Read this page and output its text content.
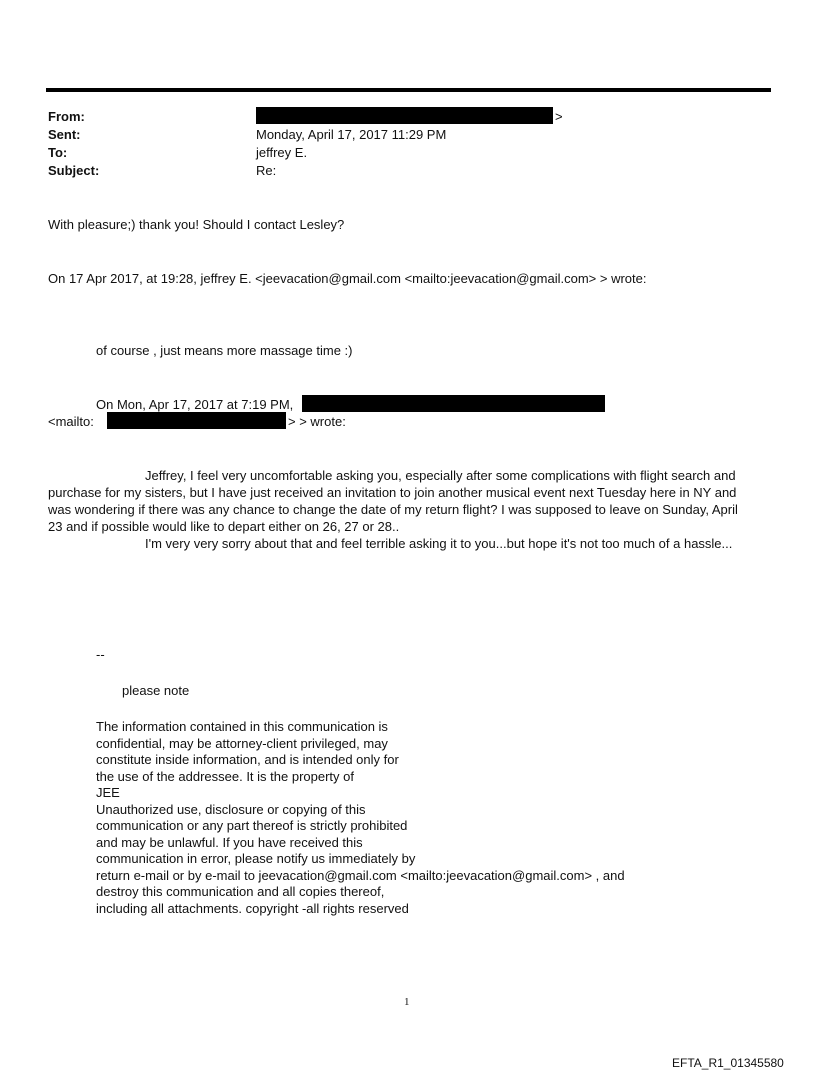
From:	>
Sent:	Monday, April 17, 2017 11:29 PM
To:	jeffrey E.
Subject:	Re:
With pleasure;) thank you! Should I contact Lesley?
On 17 Apr 2017, at 19:28, jeffrey E. <jeevacation@gmail.com <mailto:jeevacation@gmail.com> > wrote:
of course , just means more massage time :)
On Mon, Apr 17, 2017 at 7:19 PM,
<mailto:	> > wrote:
Jeffrey, I feel very uncomfortable asking you, especially after some complications with flight search and
purchase for my sisters, but I have just received an invitation to join another musical event next Tuesday here in NY and
was wondering if there was any chance to change the date of my return flight? I was supposed to leave on Sunday, April
23 and if possible would like to depart either on 26, 27 or 28..
I'm very very sorry about that and feel terrible asking it to you...but hope it's not too much of a hassle...
--
please note
The information contained in this communication is
confidential, may be attorney-client privileged, may
constitute inside information, and is intended only for
the use of the addressee. It is the property of
JEE
Unauthorized use, disclosure or copying of this
communication or any part thereof is strictly prohibited
and may be unlawful. If you have received this
communication in error, please notify us immediately by
return e-mail or by e-mail to jeevacation@gmail.com <mailto:jeevacation@gmail.com> , and
destroy this communication and all copies thereof,
including all attachments. copyright -all rights reserved
1
EFTA_R1_01345580
